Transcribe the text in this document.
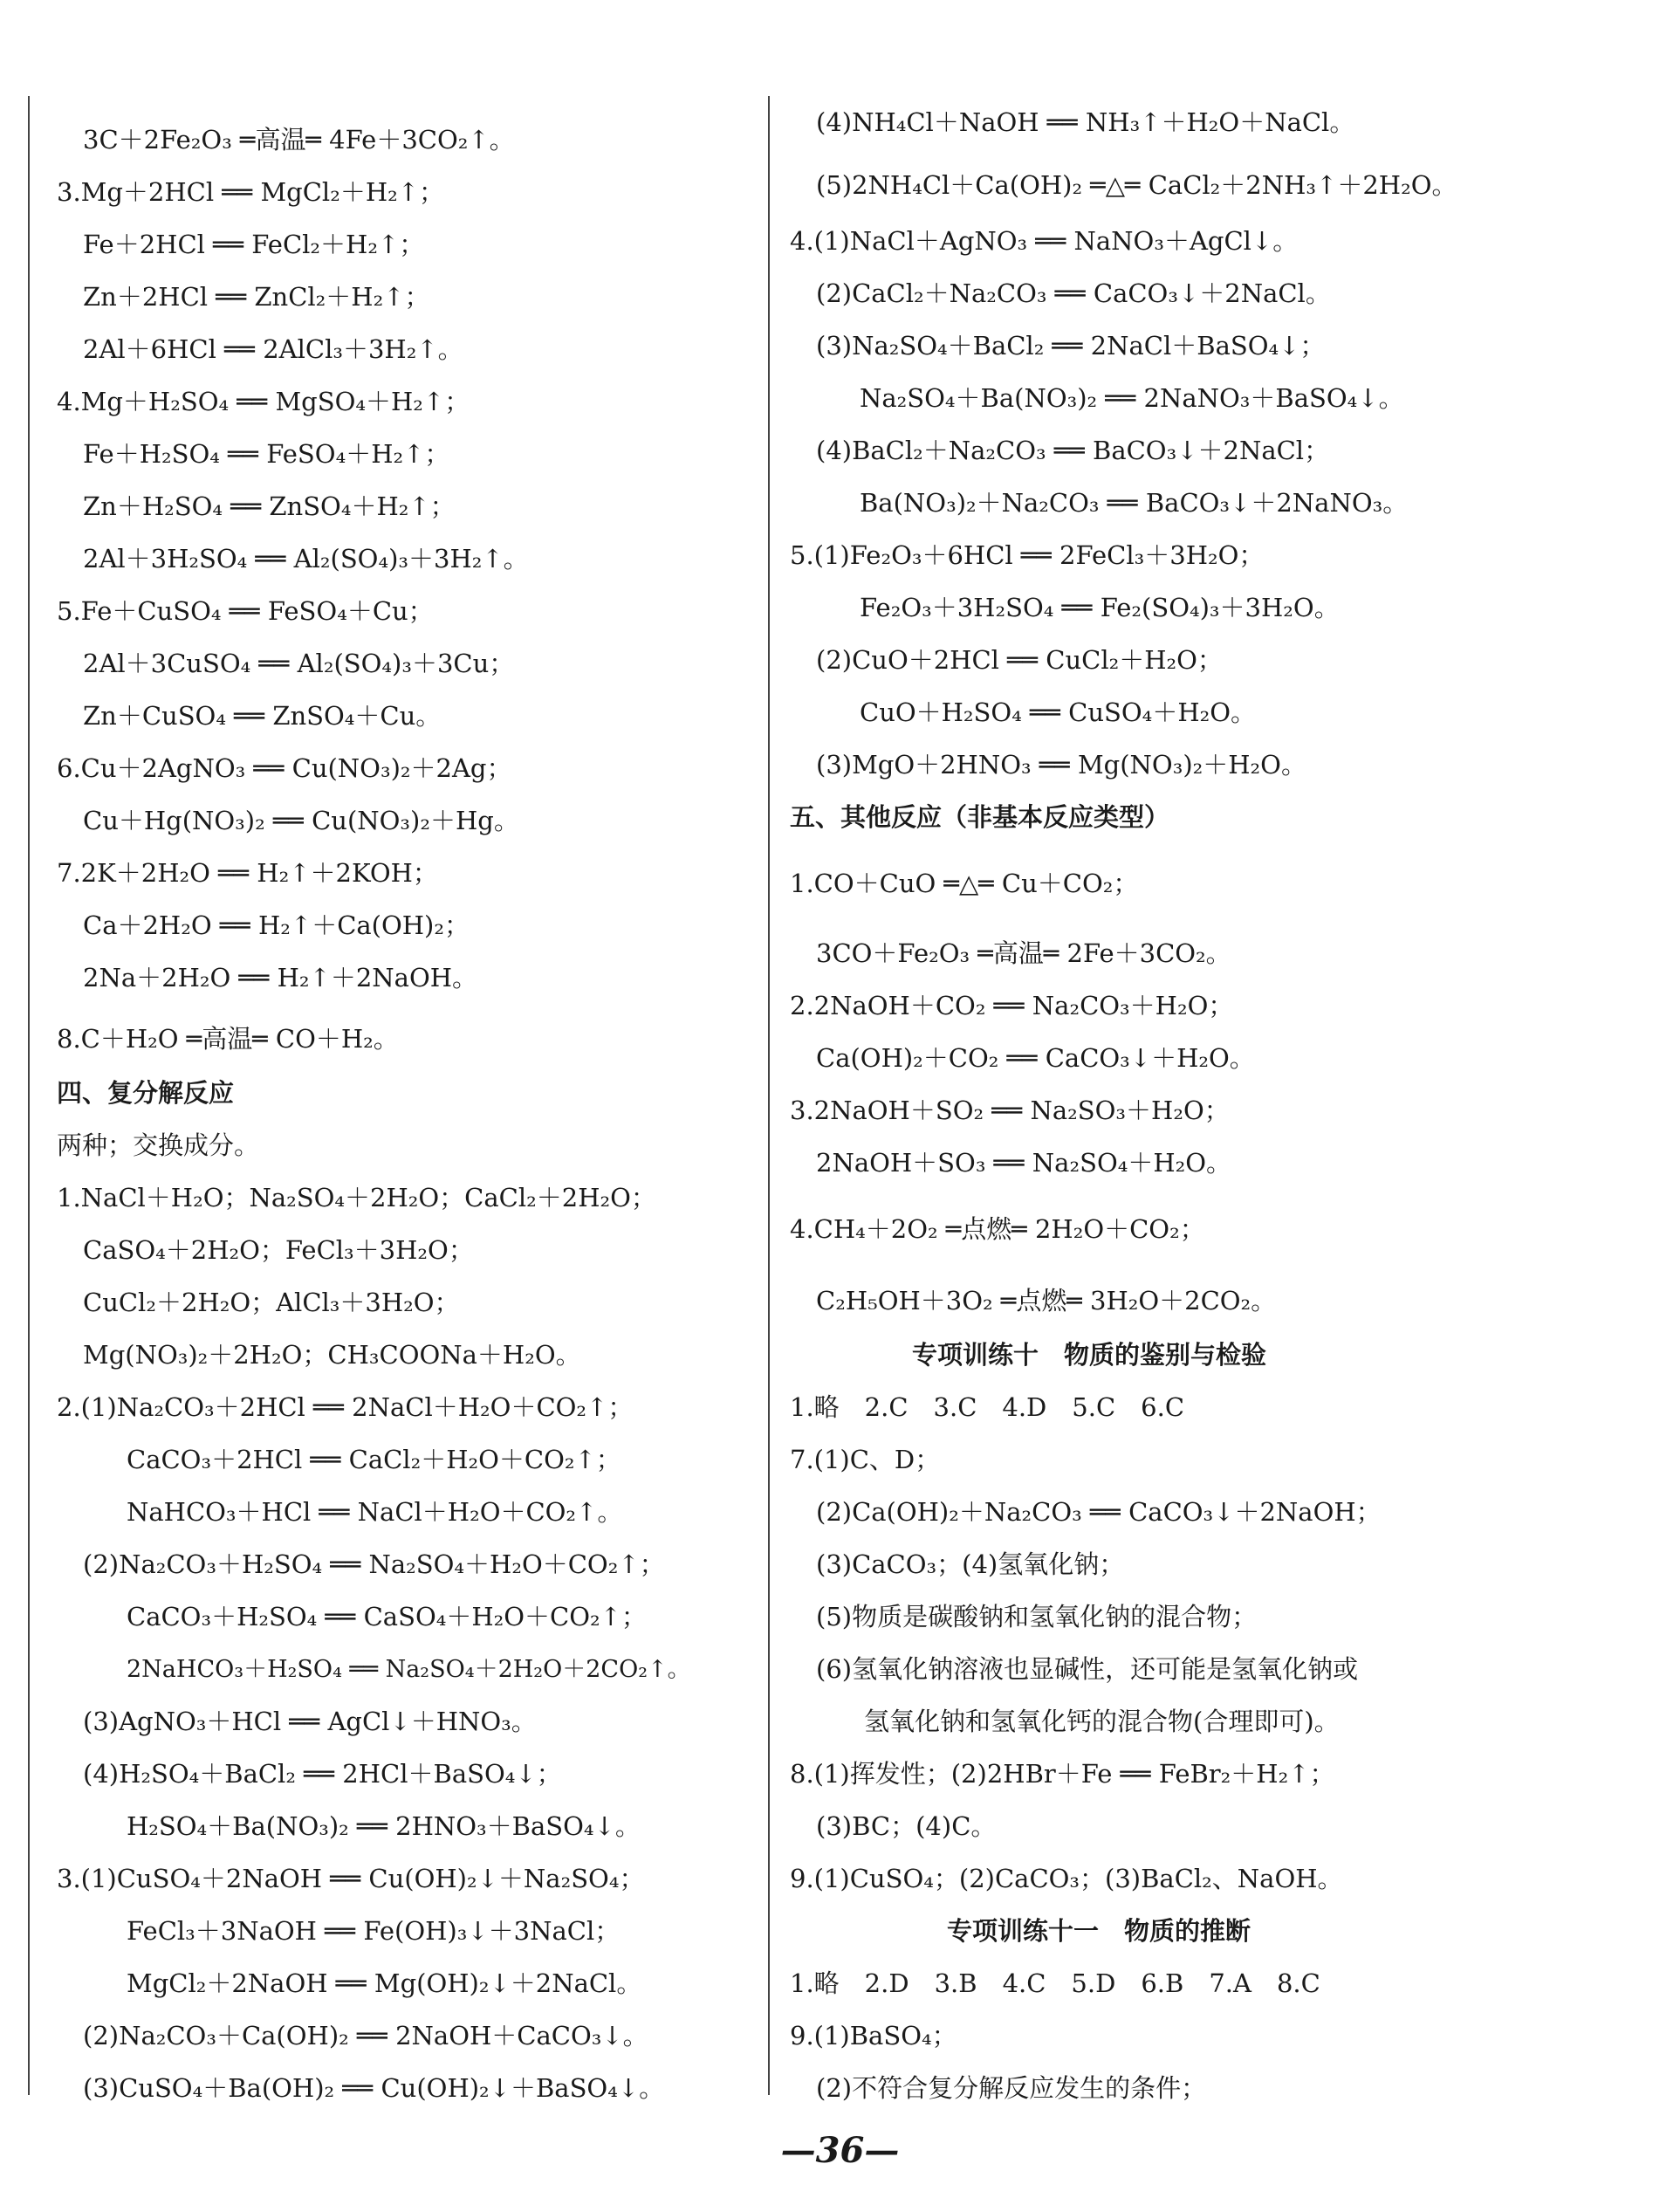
3C＋2Fe₂O₃ ═高温═ 4Fe＋3CO₂↑。
3.Mg＋2HCl ══ MgCl₂＋H₂↑；
Fe＋2HCl ══ FeCl₂＋H₂↑；
Zn＋2HCl ══ ZnCl₂＋H₂↑；
2Al＋6HCl ══ 2AlCl₃＋3H₂↑。
4.Mg＋H₂SO₄ ══ MgSO₄＋H₂↑；
Fe＋H₂SO₄ ══ FeSO₄＋H₂↑；
Zn＋H₂SO₄ ══ ZnSO₄＋H₂↑；
2Al＋3H₂SO₄ ══ Al₂(SO₄)₃＋3H₂↑。
5.Fe＋CuSO₄ ══ FeSO₄＋Cu；
2Al＋3CuSO₄ ══ Al₂(SO₄)₃＋3Cu；
Zn＋CuSO₄ ══ ZnSO₄＋Cu。
6.Cu＋2AgNO₃ ══ Cu(NO₃)₂＋2Ag；
Cu＋Hg(NO₃)₂ ══ Cu(NO₃)₂＋Hg。
7.2K＋2H₂O ══ H₂↑＋2KOH；
Ca＋2H₂O ══ H₂↑＋Ca(OH)₂；
2Na＋2H₂O ══ H₂↑＋2NaOH。
8.C＋H₂O ═高温═ CO＋H₂。
四、复分解反应
两种；交换成分。
1.NaCl＋H₂O；Na₂SO₄＋2H₂O；CaCl₂＋2H₂O；
CaSO₄＋2H₂O；FeCl₃＋3H₂O；
CuCl₂＋2H₂O；AlCl₃＋3H₂O；
Mg(NO₃)₂＋2H₂O；CH₃COONa＋H₂O。
2.(1)Na₂CO₃＋2HCl ══ 2NaCl＋H₂O＋CO₂↑；
CaCO₃＋2HCl ══ CaCl₂＋H₂O＋CO₂↑；
NaHCO₃＋HCl ══ NaCl＋H₂O＋CO₂↑。
(2)Na₂CO₃＋H₂SO₄ ══ Na₂SO₄＋H₂O＋CO₂↑；
CaCO₃＋H₂SO₄ ══ CaSO₄＋H₂O＋CO₂↑；
2NaHCO₃＋H₂SO₄ ══ Na₂SO₄＋2H₂O＋2CO₂↑。
(3)AgNO₃＋HCl ══ AgCl↓＋HNO₃。
(4)H₂SO₄＋BaCl₂ ══ 2HCl＋BaSO₄↓；
H₂SO₄＋Ba(NO₃)₂ ══ 2HNO₃＋BaSO₄↓。
3.(1)CuSO₄＋2NaOH ══ Cu(OH)₂↓＋Na₂SO₄；
FeCl₃＋3NaOH ══ Fe(OH)₃↓＋3NaCl；
MgCl₂＋2NaOH ══ Mg(OH)₂↓＋2NaCl。
(2)Na₂CO₃＋Ca(OH)₂ ══ 2NaOH＋CaCO₃↓。
(3)CuSO₄＋Ba(OH)₂ ══ Cu(OH)₂↓＋BaSO₄↓。
(4)NH₄Cl＋NaOH ══ NH₃↑＋H₂O＋NaCl。
(5)2NH₄Cl＋Ca(OH)₂ ═△═ CaCl₂＋2NH₃↑＋2H₂O。
4.(1)NaCl＋AgNO₃ ══ NaNO₃＋AgCl↓。
(2)CaCl₂＋Na₂CO₃ ══ CaCO₃↓＋2NaCl。
(3)Na₂SO₄＋BaCl₂ ══ 2NaCl＋BaSO₄↓；
Na₂SO₄＋Ba(NO₃)₂ ══ 2NaNO₃＋BaSO₄↓。
(4)BaCl₂＋Na₂CO₃ ══ BaCO₃↓＋2NaCl；
Ba(NO₃)₂＋Na₂CO₃ ══ BaCO₃↓＋2NaNO₃。
5.(1)Fe₂O₃＋6HCl ══ 2FeCl₃＋3H₂O；
Fe₂O₃＋3H₂SO₄ ══ Fe₂(SO₄)₃＋3H₂O。
(2)CuO＋2HCl ══ CuCl₂＋H₂O；
CuO＋H₂SO₄ ══ CuSO₄＋H₂O。
(3)MgO＋2HNO₃ ══ Mg(NO₃)₂＋H₂O。
五、其他反应（非基本反应类型）
1.CO＋CuO ═△═ Cu＋CO₂；
3CO＋Fe₂O₃ ═高温═ 2Fe＋3CO₂。
2.2NaOH＋CO₂ ══ Na₂CO₃＋H₂O；
Ca(OH)₂＋CO₂ ══ CaCO₃↓＋H₂O。
3.2NaOH＋SO₂ ══ Na₂SO₃＋H₂O；
2NaOH＋SO₃ ══ Na₂SO₄＋H₂O。
4.CH₄＋2O₂ ═点燃═ 2H₂O＋CO₂；
C₂H₅OH＋3O₂ ═点燃═ 3H₂O＋2CO₂。
专项训练十　物质的鉴别与检验
1.略　2.C　3.C　4.D　5.C　6.C
7.(1)C、D；
(2)Ca(OH)₂＋Na₂CO₃ ══ CaCO₃↓＋2NaOH；
(3)CaCO₃；(4)氢氧化钠；
(5)物质是碳酸钠和氢氧化钠的混合物；
(6)氢氧化钠溶液也显碱性，还可能是氢氧化钠或
氢氧化钠和氢氧化钙的混合物(合理即可)。
8.(1)挥发性；(2)2HBr＋Fe ══ FeBr₂＋H₂↑；
(3)BC；(4)C。
9.(1)CuSO₄；(2)CaCO₃；(3)BaCl₂、NaOH。
专项训练十一　物质的推断
1.略　2.D　3.B　4.C　5.D　6.B　7.A　8.C
9.(1)BaSO₄；
(2)不符合复分解反应发生的条件；
—36—
